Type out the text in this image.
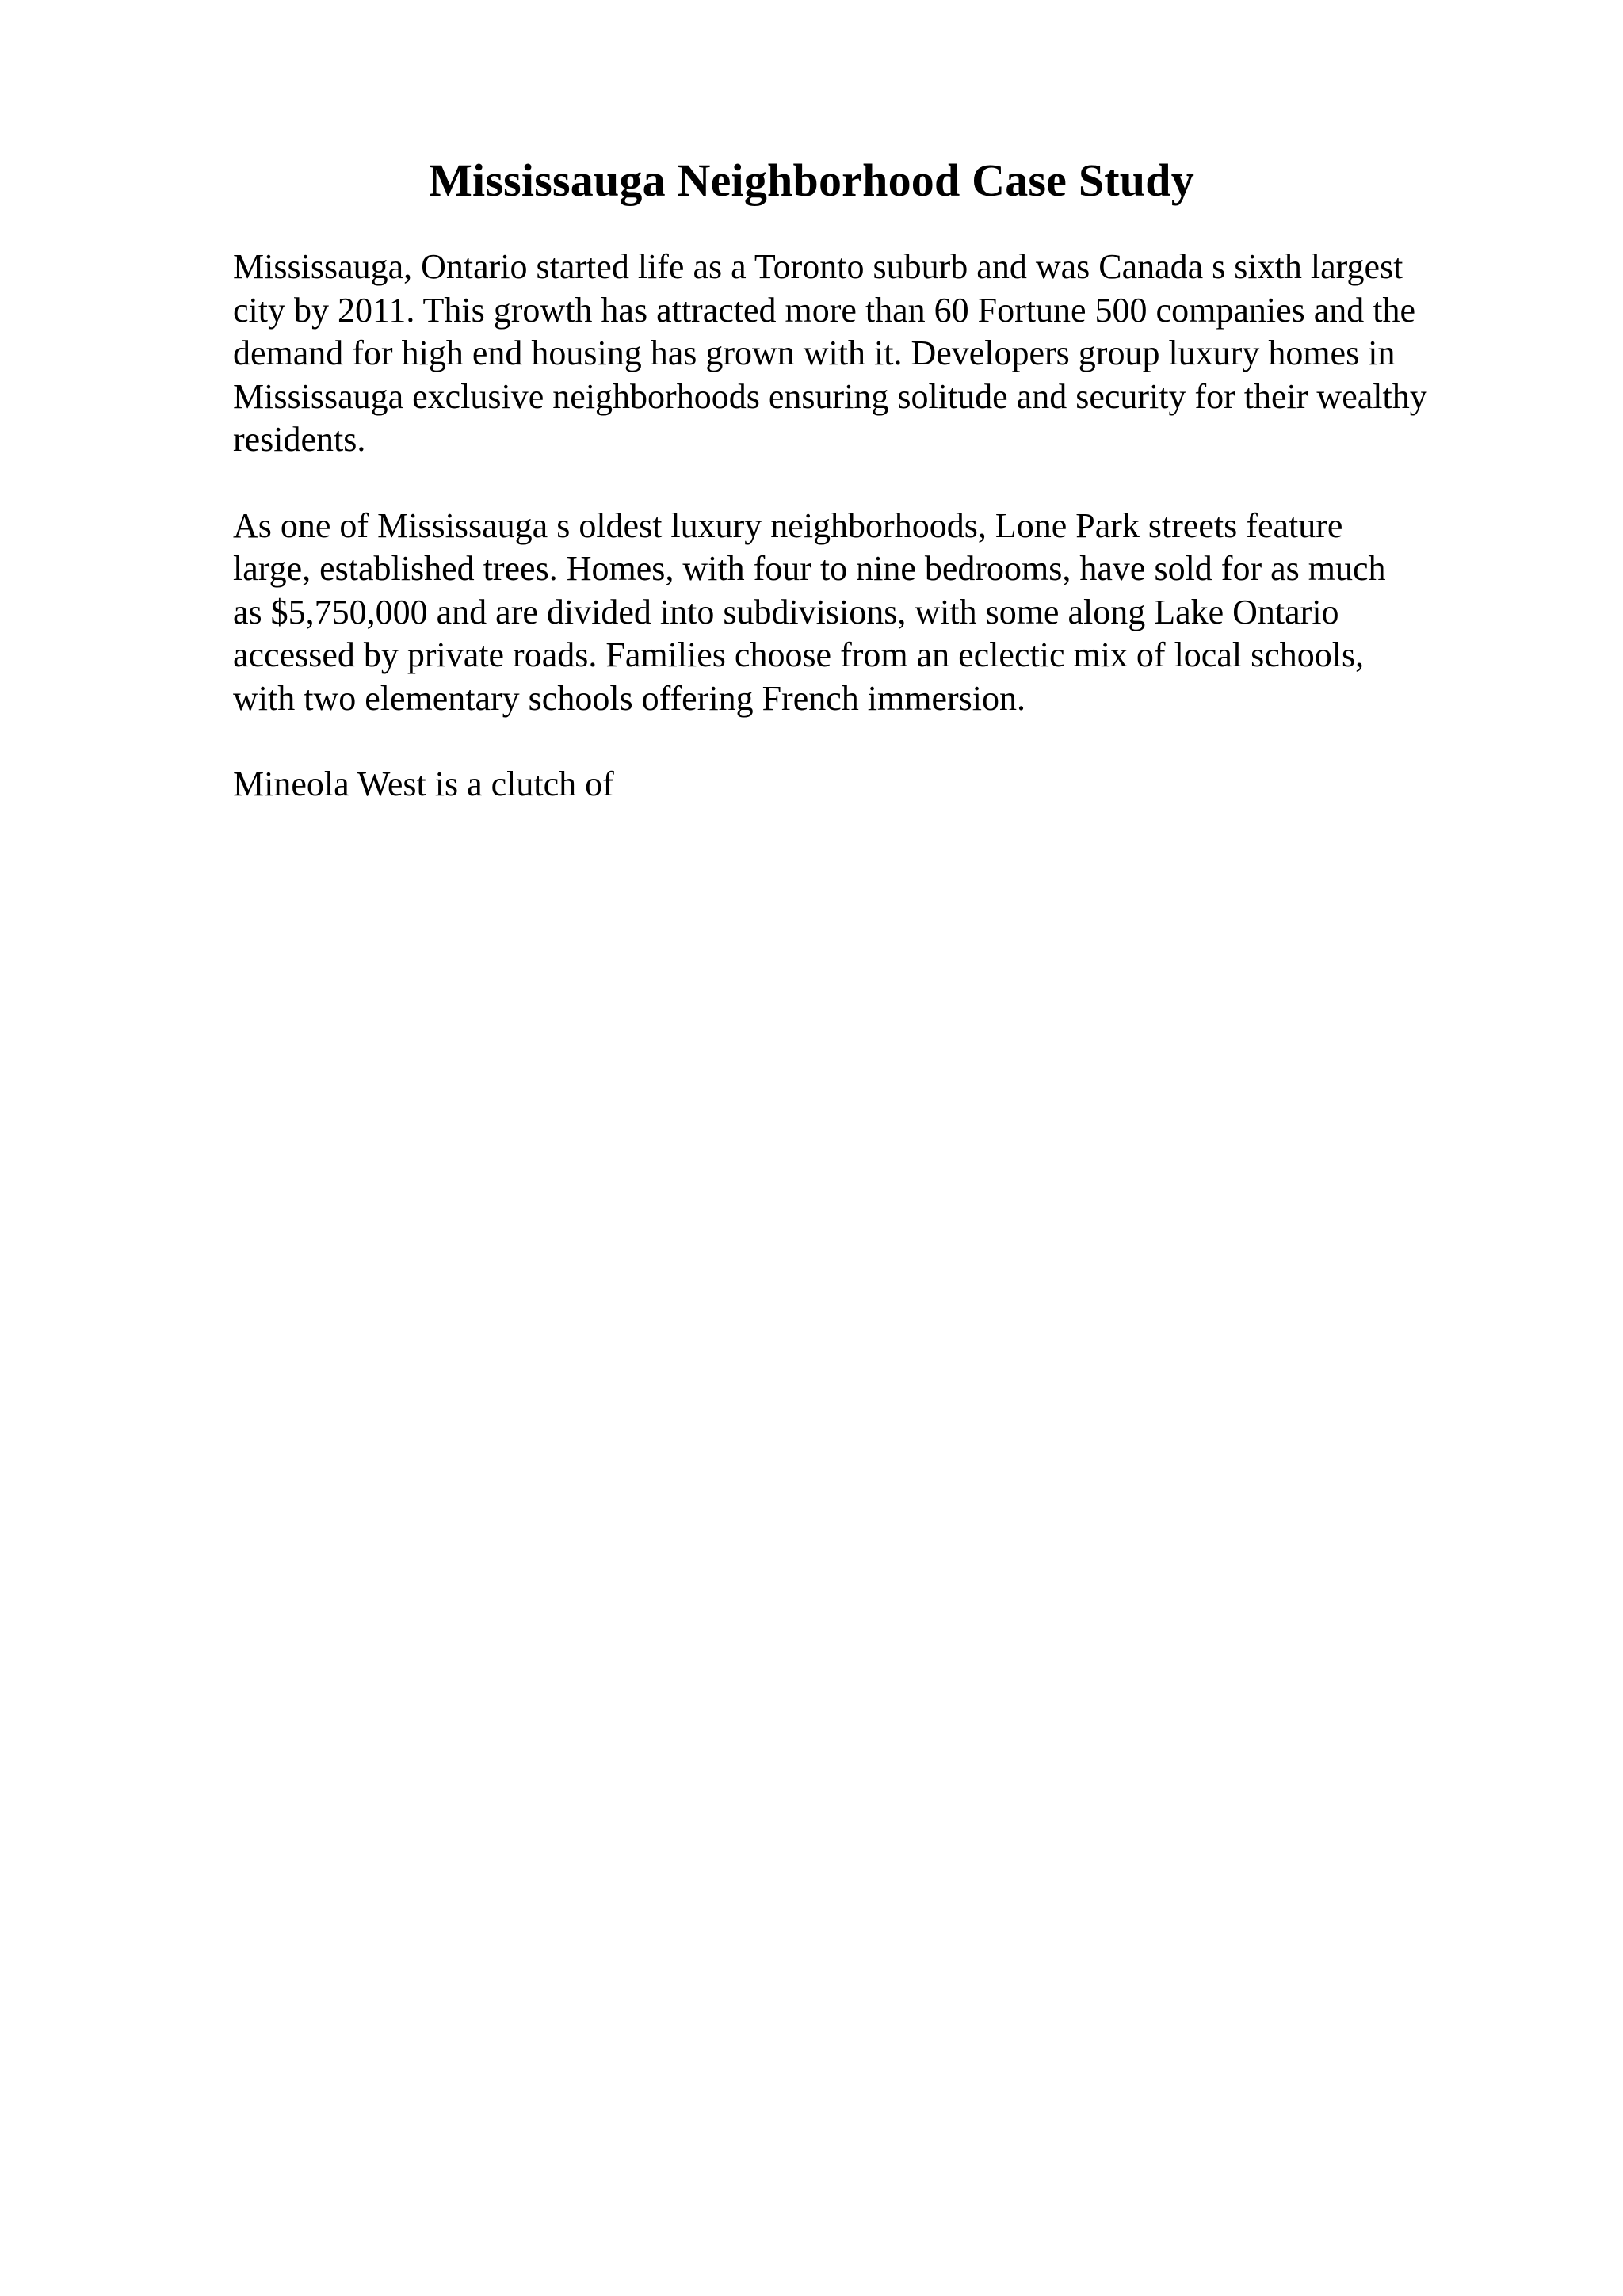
Mississauga Neighborhood Case Study

Mississauga, Ontario started life as a Toronto suburb and was Canada s sixth largest
city by 2011. This growth has attracted more than 60 Fortune 500 companies and the
demand for high end housing has grown with it. Developers group luxury homes in
Mississauga exclusive neighborhoods ensuring solitude and security for their wealthy
residents.

As one of Mississauga s oldest luxury neighborhoods, Lone Park streets feature
large, established trees. Homes, with four to nine bedrooms, have sold for as much
as $5,750,000 and are divided into subdivisions, with some along Lake Ontario
accessed by private roads. Families choose from an eclectic mix of local schools,
with two elementary schools offering French immersion.

Mineola West is a clutch of
